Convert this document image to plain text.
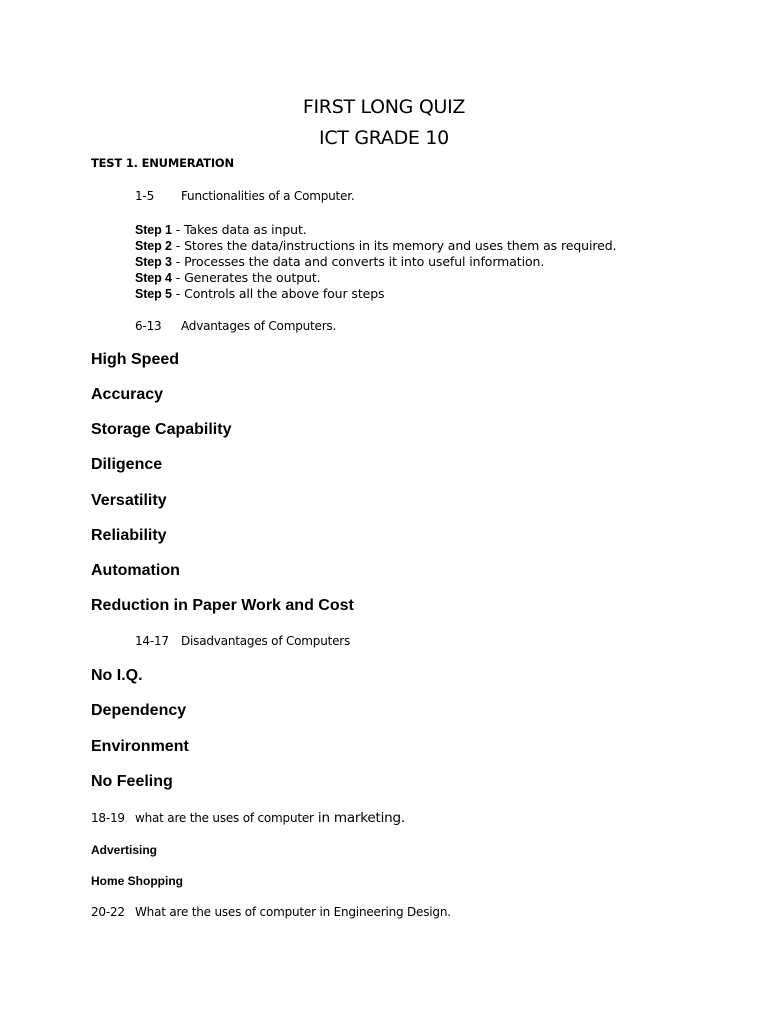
FIRST LONG QUIZ
ICT GRADE 10
TEST 1. ENUMERATION
1-5 Functionalities of a Computer.
Step 1 - Takes data as input.
Step 2 - Stores the data/instructions in its memory and uses them as required.
Step 3 - Processes the data and converts it into useful information.
Step 4 - Generates the output.
Step 5 - Controls all the above four steps
6-13 Advantages of Computers.
High Speed
Accuracy
Storage Capability
Diligence
Versatility
Reliability
Automation
Reduction in Paper Work and Cost
14-17 Disadvantages of Computers
No I.Q.
Dependency
Environment
No Feeling
18-19 what are the uses of computer in marketing.
Advertising
Home Shopping
20-22 What are the uses of computer in Engineering Design.
